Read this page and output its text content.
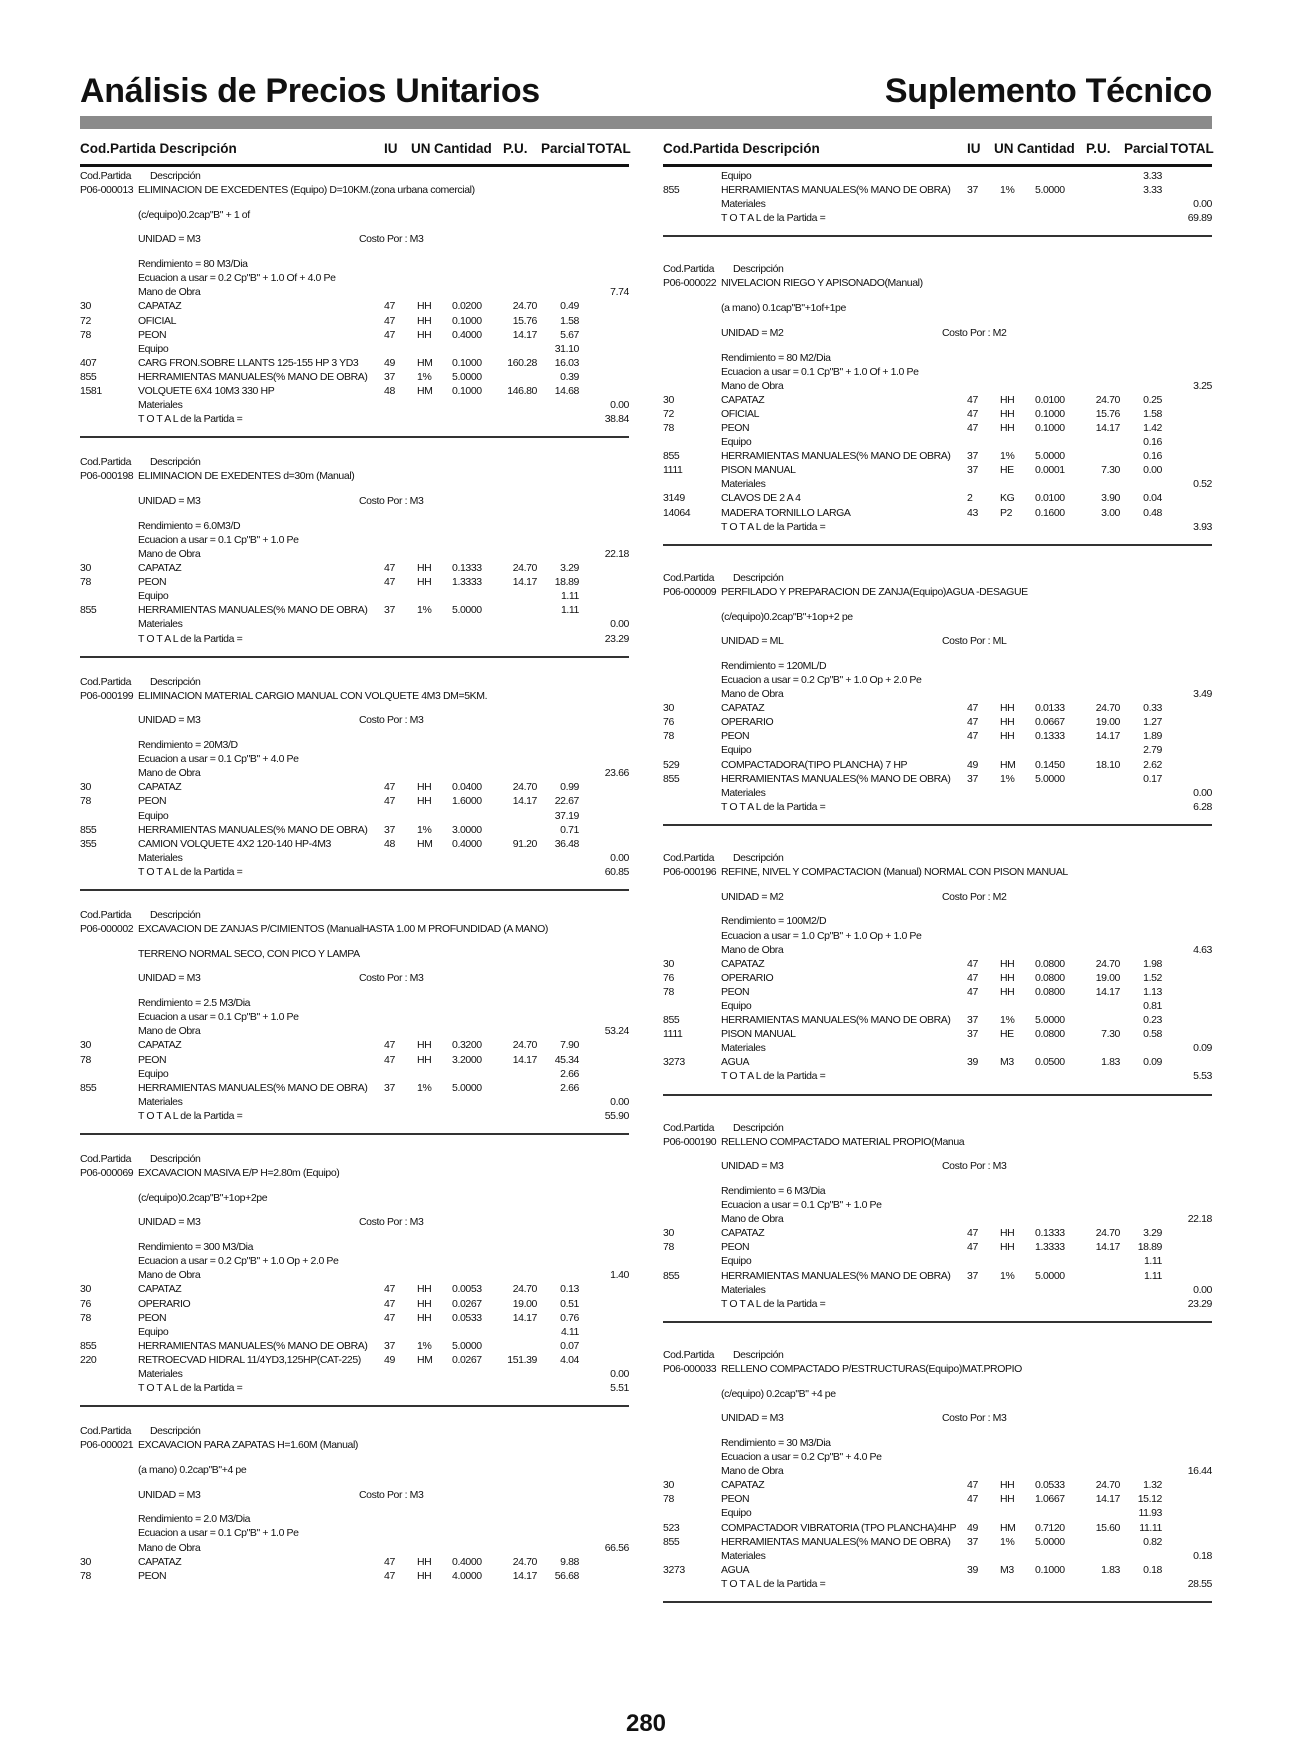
Análisis de Precios Unitarios	Suplemento Técnico
Cod.Partida Descripción	IU UN Cantidad P.U. Parcial TOTAL Cod.Partida Descripción	IU UN Cantidad P.U. Parcial TOTAL
Cod.Partida Descripción
P06-000013 ELIMINACION DE EXCEDENTES (Equipo) D=10KM.(zona urbana comercial)
(c/equipo)0.2cap"B" + 1 of
UNIDAD = M3	Costo Por : M3
Rendimiento = 80 M3/Dia
Ecuacion a usar = 0.2 Cp"B" + 1.0 Of + 4.0 Pe
Mano de Obra	7.74
30	CAPATAZ	47 HH 0.0200	24.70 0.49
72	OFICIAL	47 HH 0.1000	15.76 1.58
78	PEON	47 HH 0.4000	14.17 5.67
Equipo	31.10
407	CARG FRON.SOBRE LLANTS 125-155 HP 3 YD3 49 HM 0.1000 160.28 16.03
855	HERRAMIENTAS MANUALES(% MANO DE OBRA) 37 1% 5.0000	0.39
1581	VOLQUETE 6X4 10M3 330 HP	48 HM 0.1000 146.80 14.68
Materiales	0.00
T O T A L de la Partida =	38.84
Cod.Partida Descripción
P06-000198 ELIMINACION DE EXEDENTES d=30m (Manual)
UNIDAD = M3	Costo Por : M3
Rendimiento = 6.0M3/D
Ecuacion a usar = 0.1 Cp"B" + 1.0 Pe
Mano de Obra	22.18
30	CAPATAZ	47 HH 0.1333	24.70 3.29
78	PEON	47 HH 1.3333	14.17 18.89
Equipo	1.11
855	HERRAMIENTAS MANUALES(% MANO DE OBRA) 37 1% 5.0000	1.11
Materiales	0.00
T O T A L de la Partida =	23.29
Cod.Partida Descripción
P06-000199 ELIMINACION MATERIAL CARGIO MANUAL CON VOLQUETE 4M3 DM=5KM.
UNIDAD = M3	Costo Por : M3
Rendimiento = 20M3/D
Ecuacion a usar = 0.1 Cp"B" + 4.0 Pe
Mano de Obra	23.66
30	CAPATAZ	47 HH 0.0400	24.70 0.99
78	PEON	47 HH 1.6000	14.17 22.67
Equipo	37.19
855	HERRAMIENTAS MANUALES(% MANO DE OBRA) 37 1% 3.0000	0.71
355	CAMION VOLQUETE 4X2 120-140 HP-4M3	48 HM 0.4000	91.20 36.48
Materiales	0.00
T O T A L de la Partida =	60.85
Cod.Partida Descripción
P06-000002 EXCAVACION DE ZANJAS P/CIMIENTOS (ManualHASTA 1.00 M PROFUNDIDAD (A MANO)
TERRENO NORMAL SECO, CON PICO Y LAMPA
UNIDAD = M3	Costo Por : M3
Rendimiento = 2.5 M3/Dia
Ecuacion a usar = 0.1 Cp"B" + 1.0 Pe
Mano de Obra	53.24
30	CAPATAZ	47 HH 0.3200	24.70 7.90
78	PEON	47 HH 3.2000	14.17 45.34
Equipo	2.66
855	HERRAMIENTAS MANUALES(% MANO DE OBRA) 37 1% 5.0000	2.66
Materiales	0.00
T O T A L de la Partida =	55.90
Cod.Partida Descripción
P06-000069 EXCAVACION MASIVA E/P H=2.80m (Equipo)
(c/equipo)0.2cap"B"+1op+2pe
UNIDAD = M3	Costo Por : M3
Rendimiento = 300 M3/Dia
Ecuacion a usar = 0.2 Cp"B" + 1.0 Op + 2.0 Pe
Mano de Obra	1.40
30	CAPATAZ	47 HH 0.0053	24.70 0.13
76	OPERARIO	47 HH 0.0267	19.00 0.51
78	PEON	47 HH 0.0533	14.17 0.76
Equipo	4.11
855	HERRAMIENTAS MANUALES(% MANO DE OBRA) 37 1% 5.0000	0.07
220	RETROECVAD HIDRAL 11/4YD3,125HP(CAT-225) 49 HM 0.0267 151.39 4.04
Materiales	0.00
T O T A L de la Partida =	5.51
Cod.Partida Descripción
P06-000021 EXCAVACION PARA ZAPATAS H=1.60M (Manual)
(a mano) 0.2cap"B"+4 pe
UNIDAD = M3	Costo Por : M3
Rendimiento = 2.0 M3/Dia
Ecuacion a usar = 0.1 Cp"B" + 1.0 Pe
Mano de Obra	66.56
30	CAPATAZ	47 HH 0.4000	24.70 9.88
78	PEON	47 HH 4.0000	14.17 56.68
Equipo	3.33
855	HERRAMIENTAS MANUALES(% MANO DE OBRA) 37 1% 5.0000	3.33
Materiales	0.00
T O T A L de la Partida =	69.89
Cod.Partida Descripción
P06-000022 NIVELACION RIEGO Y APISONADO(Manual)
(a mano) 0.1cap"B"+1of+1pe
UNIDAD = M2	Costo Por : M2
Rendimiento = 80 M2/Dia
Ecuacion a usar = 0.1 Cp"B" + 1.0 Of + 1.0 Pe
Mano de Obra	3.25
30	CAPATAZ	47 HH 0.0100	24.70 0.25
72	OFICIAL	47 HH 0.1000	15.76 1.58
78	PEON	47 HH 0.1000	14.17 1.42
Equipo	0.16
855	HERRAMIENTAS MANUALES(% MANO DE OBRA) 37 1% 5.0000	0.16
1111	PISON MANUAL	37 HE 0.0001	7.30 0.00
Materiales	0.52
3149	CLAVOS DE 2 A 4	2	KG 0.0100	3.90 0.04
14064	MADERA TORNILLO LARGA	43 P2 0.1600	3.00 0.48
T O T A L de la Partida =	3.93
Cod.Partida Descripción
P06-000009 PERFILADO Y PREPARACION DE ZANJA(Equipo)AGUA -DESAGUE
(c/equipo)0.2cap"B"+1op+2 pe
UNIDAD = ML	Costo Por : ML
Rendimiento = 120ML/D
Ecuacion a usar = 0.2 Cp"B" + 1.0 Op + 2.0 Pe
Mano de Obra	3.49
30	CAPATAZ	47 HH 0.0133	24.70 0.33
76	OPERARIO	47 HH 0.0667	19.00 1.27
78	PEON	47 HH 0.1333	14.17 1.89
Equipo	2.79
529	COMPACTADORA(TIPO PLANCHA) 7 HP	49 HM 0.1450	18.10 2.62
855	HERRAMIENTAS MANUALES(% MANO DE OBRA) 37 1% 5.0000	0.17
Materiales	0.00
T O T A L de la Partida =	6.28
Cod.Partida Descripción
P06-000196 REFINE, NIVEL Y COMPACTACION (Manual) NORMAL CON PISON MANUAL
UNIDAD = M2	Costo Por : M2
Rendimiento = 100M2/D
Ecuacion a usar = 1.0 Cp"B" + 1.0 Op + 1.0 Pe
Mano de Obra	4.63
30	CAPATAZ	47 HH 0.0800	24.70 1.98
76	OPERARIO	47 HH 0.0800	19.00 1.52
78	PEON	47 HH 0.0800	14.17 1.13
Equipo	0.81
855	HERRAMIENTAS MANUALES(% MANO DE OBRA) 37 1% 5.0000	0.23
1111	PISON MANUAL	37 HE 0.0800	7.30 0.58
Materiales	0.09
3273	AGUA	39 M3 0.0500	1.83 0.09
T O T A L de la Partida =	5.53
Cod.Partida Descripción
P06-000190 RELLENO COMPACTADO MATERIAL PROPIO(Manua
UNIDAD = M3	Costo Por : M3
Rendimiento = 6 M3/Dia
Ecuacion a usar = 0.1 Cp"B" + 1.0 Pe
Mano de Obra	22.18
30	CAPATAZ	47 HH 0.1333	24.70 3.29
78	PEON	47 HH 1.3333	14.17 18.89
Equipo	1.11
855	HERRAMIENTAS MANUALES(% MANO DE OBRA) 37 1% 5.0000	1.11
Materiales	0.00
T O T A L de la Partida =	23.29
Cod.Partida Descripción
P06-000033 RELLENO COMPACTADO P/ESTRUCTURAS(Equipo)MAT.PROPIO
(c/equipo) 0.2cap"B" +4 pe
UNIDAD = M3	Costo Por : M3
Rendimiento = 30 M3/Dia
Ecuacion a usar = 0.2 Cp"B" + 4.0 Pe
Mano de Obra	16.44
30	CAPATAZ	47 HH 0.0533	24.70 1.32
78	PEON	47 HH 1.0667	14.17 15.12
Equipo	11.93
523	COMPACTADOR VIBRATORIA (TPO PLANCHA)4HP 49 HM 0.7120	15.60 11.11
855	HERRAMIENTAS MANUALES(% MANO DE OBRA) 37 1% 5.0000	0.82
Materiales	0.18
3273	AGUA	39 M3 0.1000	1.83 0.18
T O T A L de la Partida =	28.55
280
